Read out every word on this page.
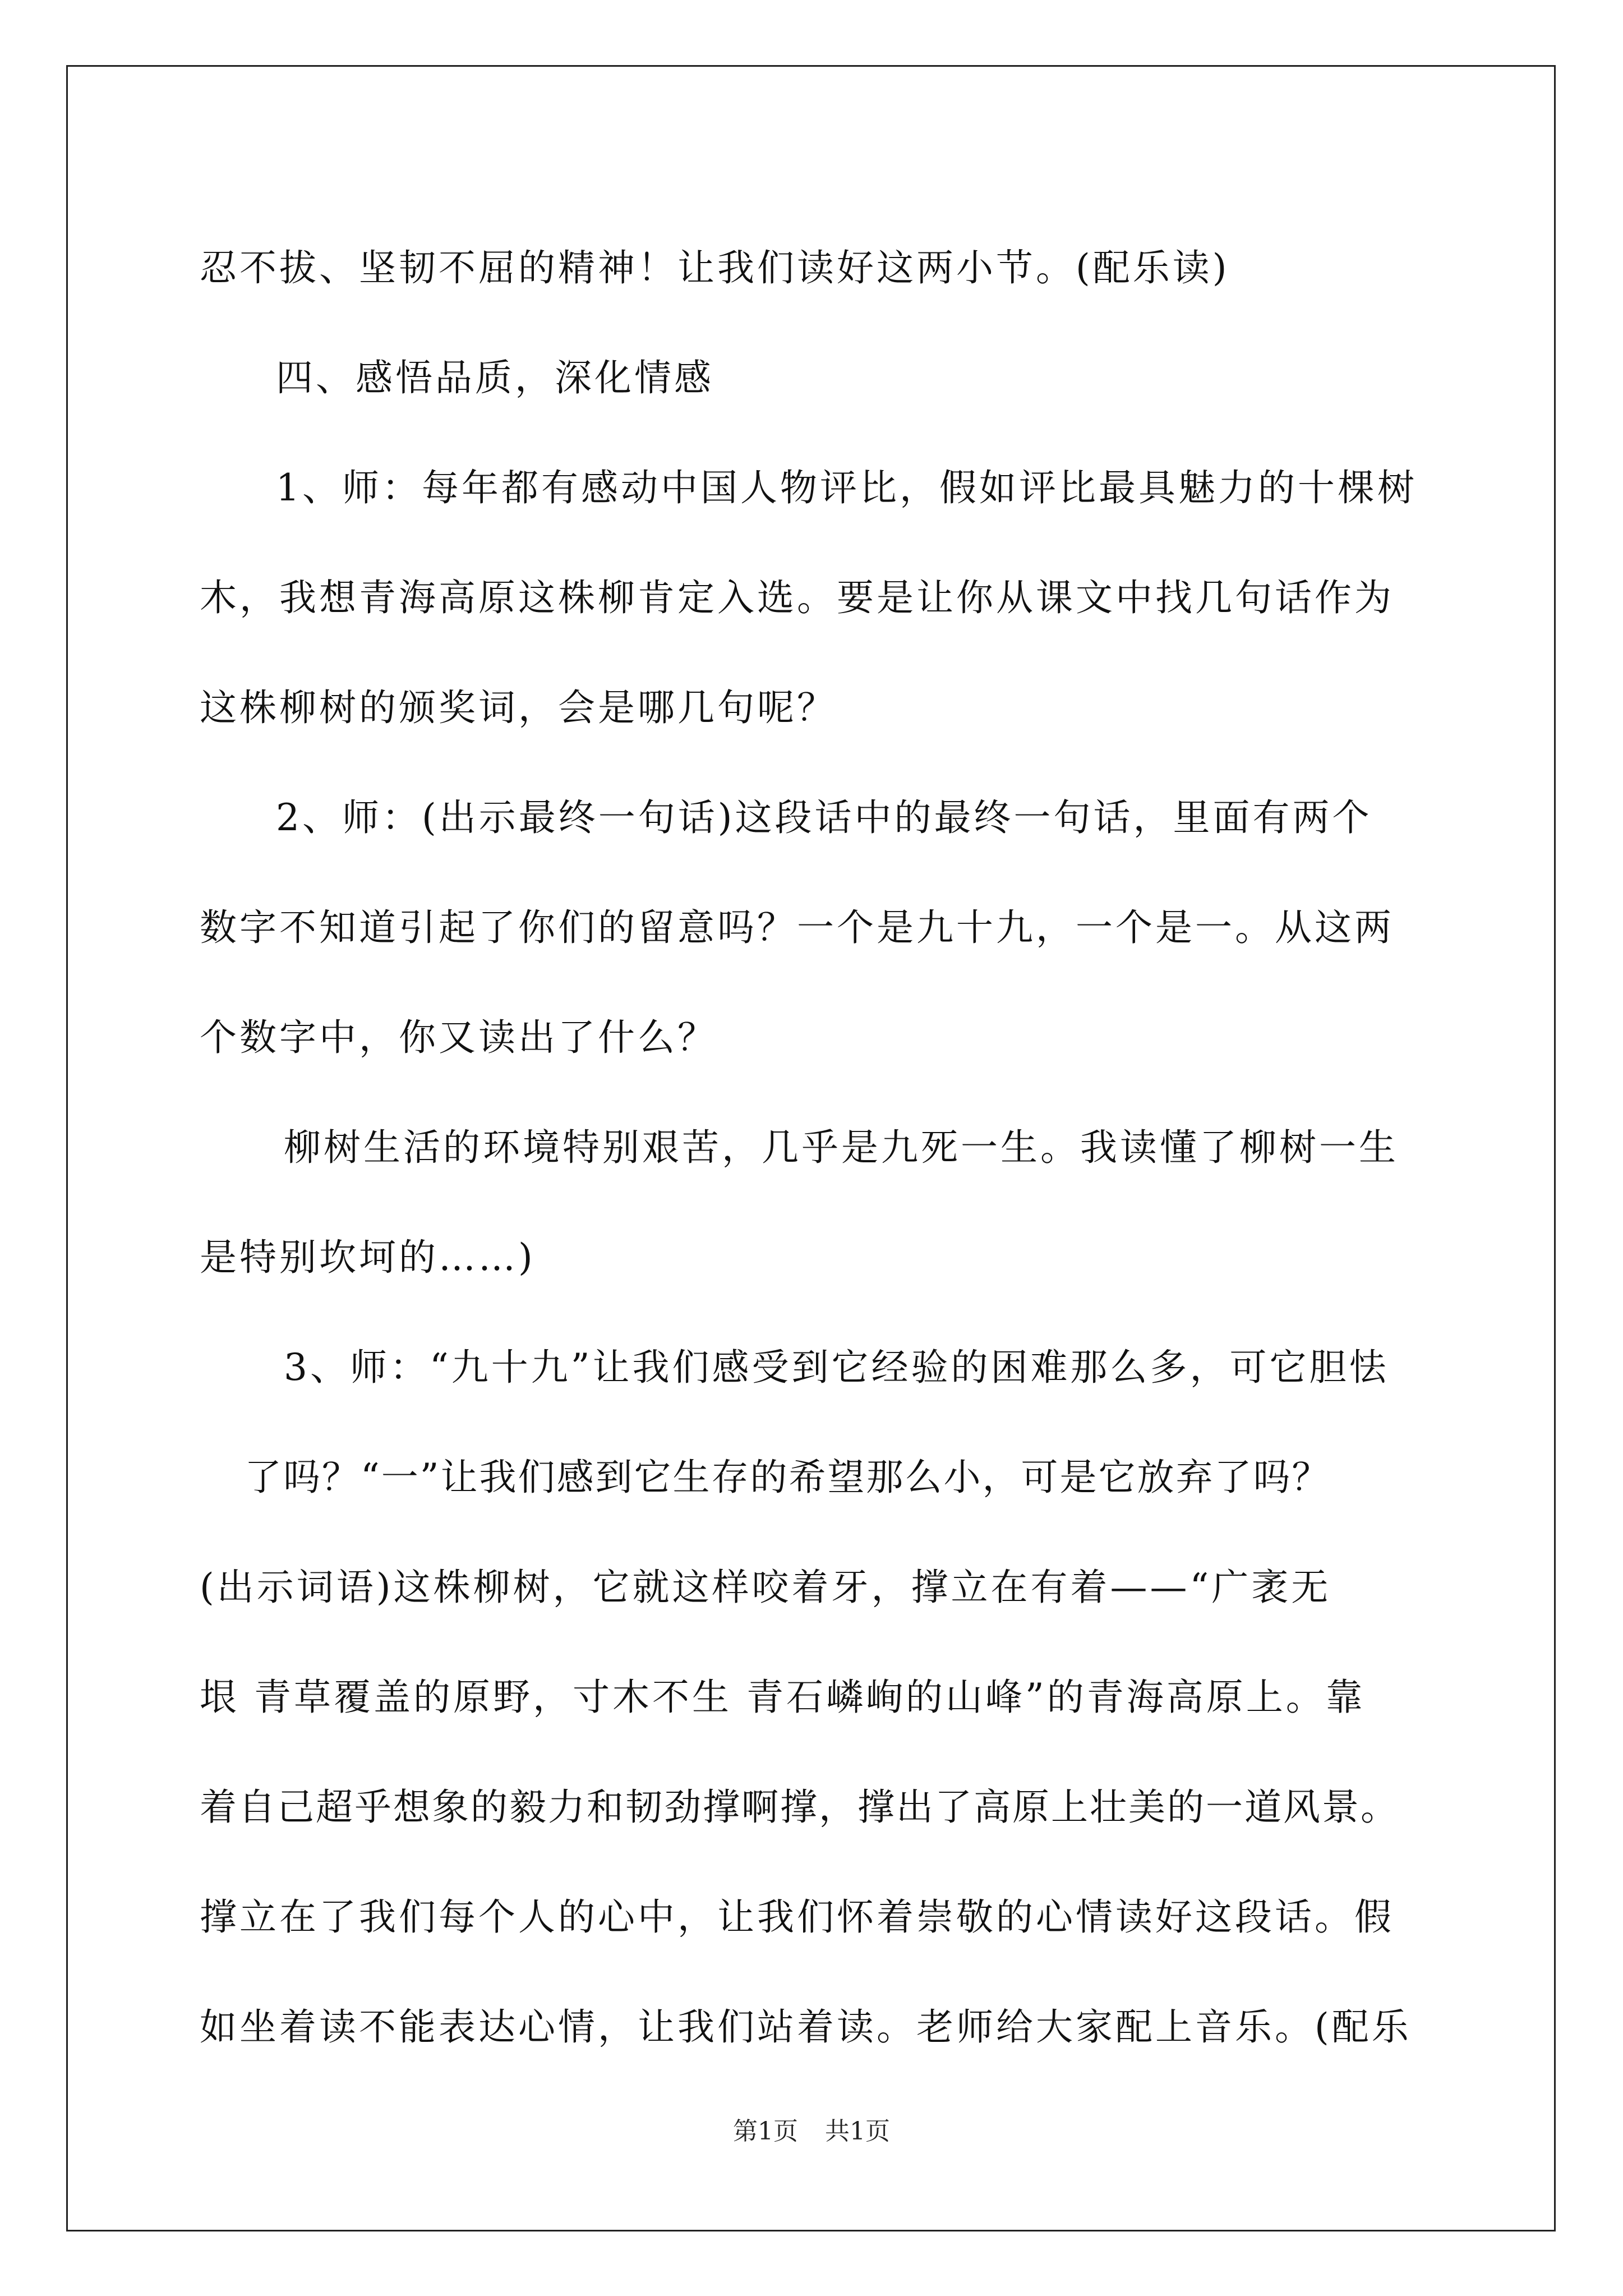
忍不拔、坚韧不屈的精神！让我们读好这两小节。(配乐读)
四、感悟品质，深化情感
1、师：每年都有感动中国人物评比，假如评比最具魅力的十棵树
木，我想青海高原这株柳肯定入选。要是让你从课文中找几句话作为
这株柳树的颁奖词，会是哪几句呢？
2、师：(出示最终一句话)这段话中的最终一句话，里面有两个
数字不知道引起了你们的留意吗？一个是九十九，一个是一。从这两
个数字中，你又读出了什么？
柳树生活的环境特别艰苦，几乎是九死一生。我读懂了柳树一生
是特别坎坷的……)
3、师：“九十九”让我们感受到它经验的困难那么多，可它胆怯
了吗？“一”让我们感到它生存的希望那么小，可是它放弃了吗？
(出示词语)这株柳树，它就这样咬着牙，撑立在有着——“广袤无
垠 青草覆盖的原野，寸木不生 青石嶙峋的山峰”的青海高原上。靠
着自己超乎想象的毅力和韧劲撑啊撑，撑出了高原上壮美的一道风景。
撑立在了我们每个人的心中，让我们怀着崇敬的心情读好这段话。假
如坐着读不能表达心情，让我们站着读。老师给大家配上音乐。(配乐
第1页 共1页
